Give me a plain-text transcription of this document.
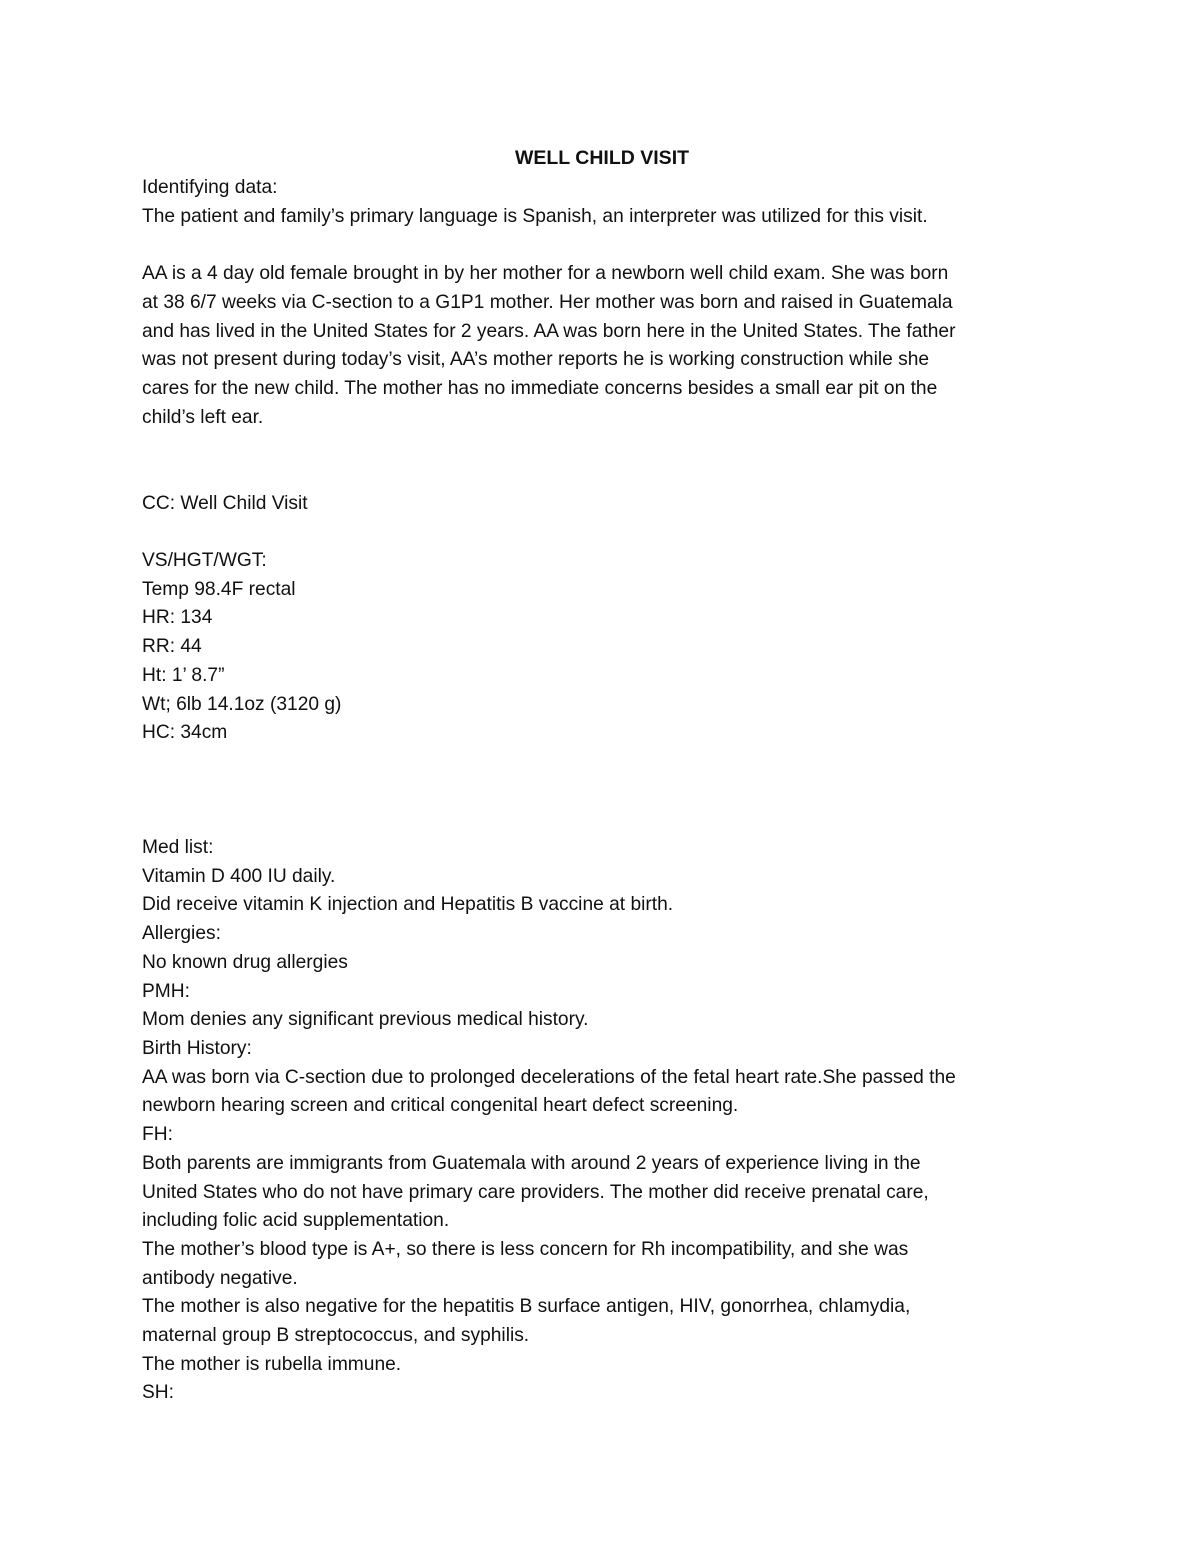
WELL CHILD VISIT
Identifying data:
The patient and family’s primary language is Spanish, an interpreter was utilized for this visit.
AA is a 4 day old female brought in by her mother for a newborn well child exam. She was born
at 38 6/7 weeks via C-section to a G1P1 mother. Her mother was born and raised in Guatemala
and has lived in the United States for 2 years. AA was born here in the United States. The father
was not present during today’s visit, AA’s mother reports he is working construction while she
cares for the new child. The mother has no immediate concerns besides a small ear pit on the
child’s left ear.
CC: Well Child Visit
VS/HGT/WGT:
Temp 98.4F rectal
HR: 134
RR: 44
Ht: 1’ 8.7”
Wt; 6lb 14.1oz (3120 g)
HC: 34cm
Med list:
Vitamin D 400 IU daily.
Did receive vitamin K injection and Hepatitis B vaccine at birth.
Allergies:
No known drug allergies
PMH:
Mom denies any significant previous medical history.
Birth History:
AA was born via C-section due to prolonged decelerations of the fetal heart rate.She passed the
newborn hearing screen and critical congenital heart defect screening.
FH:
Both parents are immigrants from Guatemala with around 2 years of experience living in the
United States who do not have primary care providers. The mother did receive prenatal care,
including folic acid supplementation.
The mother’s blood type is A+, so there is less concern for Rh incompatibility, and she was
antibody negative.
The mother is also negative for the hepatitis B surface antigen, HIV, gonorrhea, chlamydia,
maternal group B streptococcus, and syphilis.
The mother is rubella immune.
SH:
